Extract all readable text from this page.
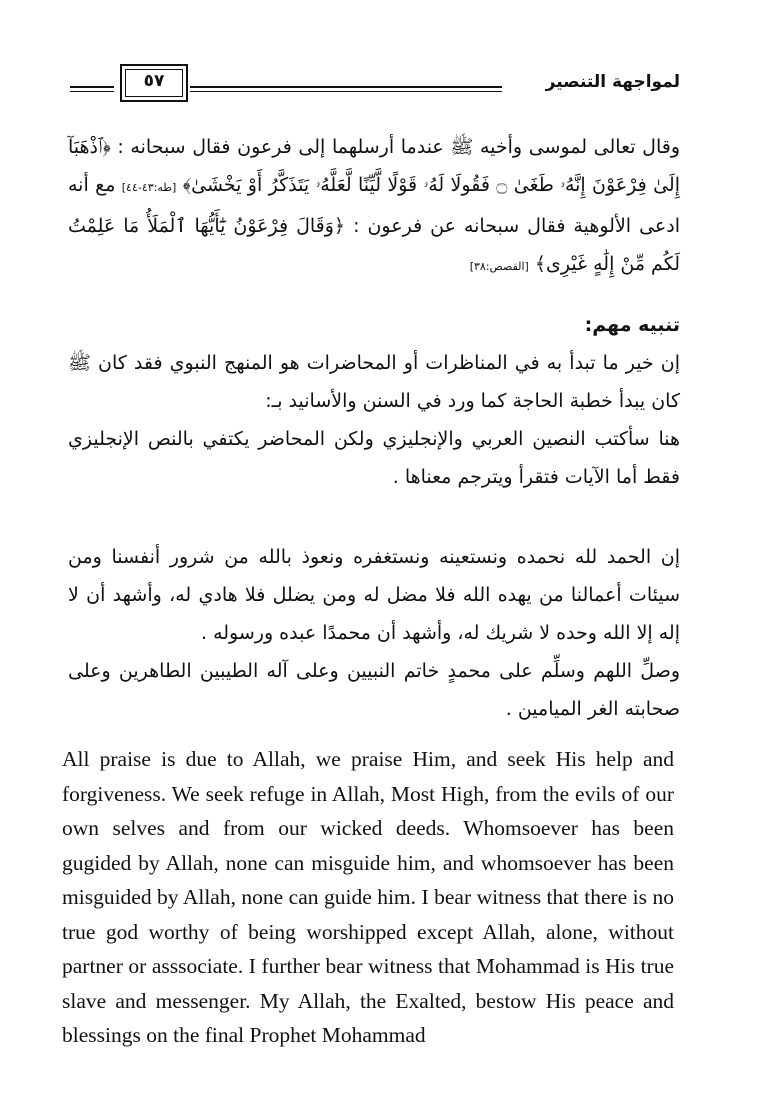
٥٧	لمواجهة التنصير

وقال تعالى لموسى وأخيه ﷺ عندما أرسلهما إلى فرعون فقال سبحانه : ﴿ٱذْهَبَآ إِلَىٰ فِرْعَوْنَ إِنَّهُۥ طَغَىٰ ۝ فَقُولَا لَهُۥ قَوْلًا لَّيِّنًا لَّعَلَّهُۥ يَتَذَكَّرُ أَوْ يَخْشَىٰ﴾ [طه:٤٣-٤٤] مع أنه ادعى الألوهية فقال سبحانه عن فرعون : ﴿وَقَالَ فِرْعَوْنُ يَٰٓأَيُّهَا ٱلْمَلَأُ مَا عَلِمْتُ لَكُم مِّنْ إِلَٰهٍ غَيْرِى﴾ [القصص:٣٨]

تنبيه مهم:

إن خير ما تبدأ به في المناظرات أو المحاضرات هو المنهج النبوي فقد كان ﷺ كان يبدأ خطبة الحاجة كما ورد في السنن والأسانيد بـ:

هنا سأكتب النصين العربي والإنجليزي ولكن المحاضر يكتفي بالنص الإنجليزي فقط أما الآيات فتقرأ ويترجم معناها .

إن الحمد لله نحمده ونستعينه ونستغفره ونعوذ بالله من شرور أنفسنا ومن سيئات أعمالنا من يهده الله فلا مضل له ومن يضلل فلا هادي له، وأشهد أن لا إله إلا الله وحده لا شريك له، وأشهد أن محمدًا عبده ورسوله .

وصلِّ اللهم وسلِّم على محمدٍ خاتم النبيين وعلى آله الطيبين الطاهرين وعلى صحابته الغر الميامين .

All praise is due to Allah, we praise Him, and seek His help and forgiveness. We seek refuge in Allah, Most High, from the evils of our own selves and from our wicked deeds. Whomsoever has been gugided by Allah, none can misguide him, and whomsoever has been misguided by Allah, none can guide him. I bear witness that there is no true god worthy of being worshipped except Allah, alone, without partner or asssociate. I further bear witness that Mohammad is His true slave and messenger. My Allah, the Exalted, bestow His peace and blessings on the final Prophet Mohammad
